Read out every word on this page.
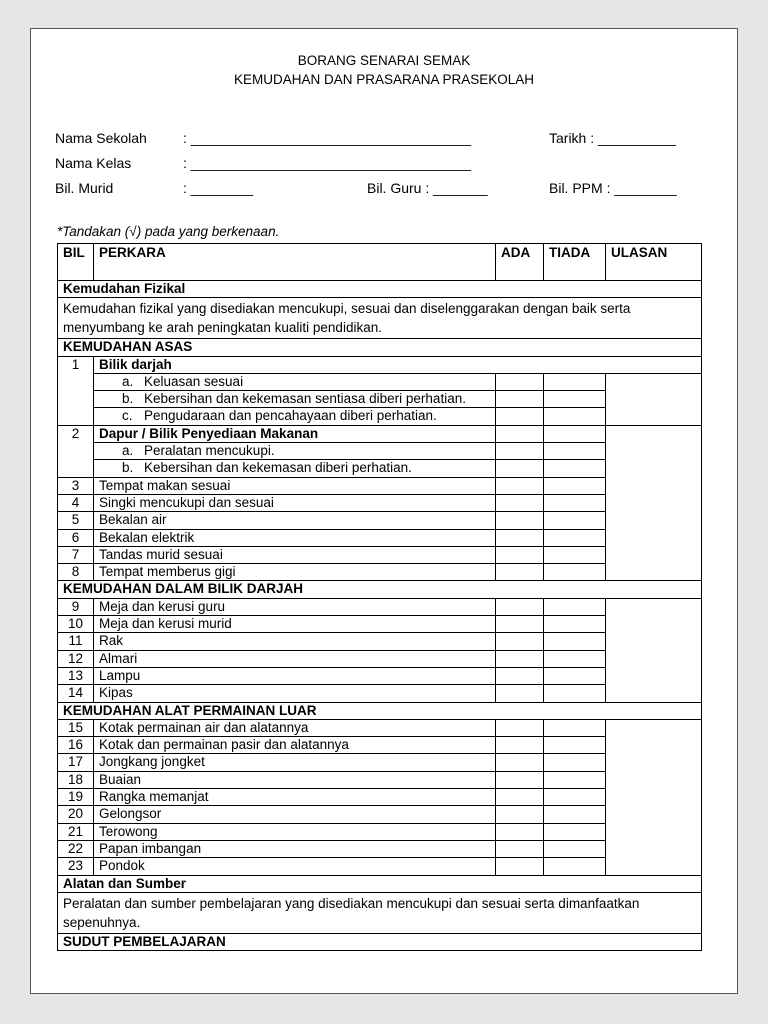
BORANG SENARAI SEMAK
KEMUDAHAN DAN PRASARANA PRASEKOLAH
Nama Sekolah	: ____________________________________	Tarikh : __________
Nama Kelas	: ____________________________________
Bil. Murid	: ________	Bil. Guru : _______	Bil. PPM : ________
*Tandakan (√) pada yang berkenaan.
BIL	PERKARA	ADA	TIADA	ULASAN
Kemudahan Fizikal				
Kemudahan fizikal yang disediakan mencukupi, sesuai dan diselenggarakan dengan baik serta menyumbang ke arah peningkatan kualiti pendidikan.				
KEMUDAHAN ASAS				
1	Bilik darjah			
	a. Keluasan sesuai			
	b. Kebersihan dan kekemasan sentiasa diberi perhatian.			
	c. Pengudaraan dan pencahayaan diberi perhatian.			
2	Dapur / Bilik Penyediaan Makanan			
	a. Peralatan mencukupi.			
	b. Kebersihan dan kekemasan diberi perhatian.			
3	Tempat makan sesuai			
4	Singki mencukupi dan sesuai			
5	Bekalan air			
6	Bekalan elektrik			
7	Tandas murid sesuai			
8	Tempat memberus gigi			
KEMUDAHAN DALAM BILIK DARJAH				
9	Meja dan kerusi guru			
10	Meja dan kerusi murid			
11	Rak			
12	Almari			
13	Lampu			
14	Kipas			
KEMUDAHAN ALAT PERMAINAN LUAR				
15	Kotak permainan air dan alatannya			
16	Kotak dan permainan pasir dan alatannya			
17	Jongkang jongket			
18	Buaian			
19	Rangka memanjat			
20	Gelongsor			
21	Terowong			
22	Papan imbangan			
23	Pondok			
Alatan dan Sumber				
Peralatan dan sumber pembelajaran yang disediakan mencukupi dan sesuai serta dimanfaatkan sepenuhnya.				
SUDUT PEMBELAJARAN				
